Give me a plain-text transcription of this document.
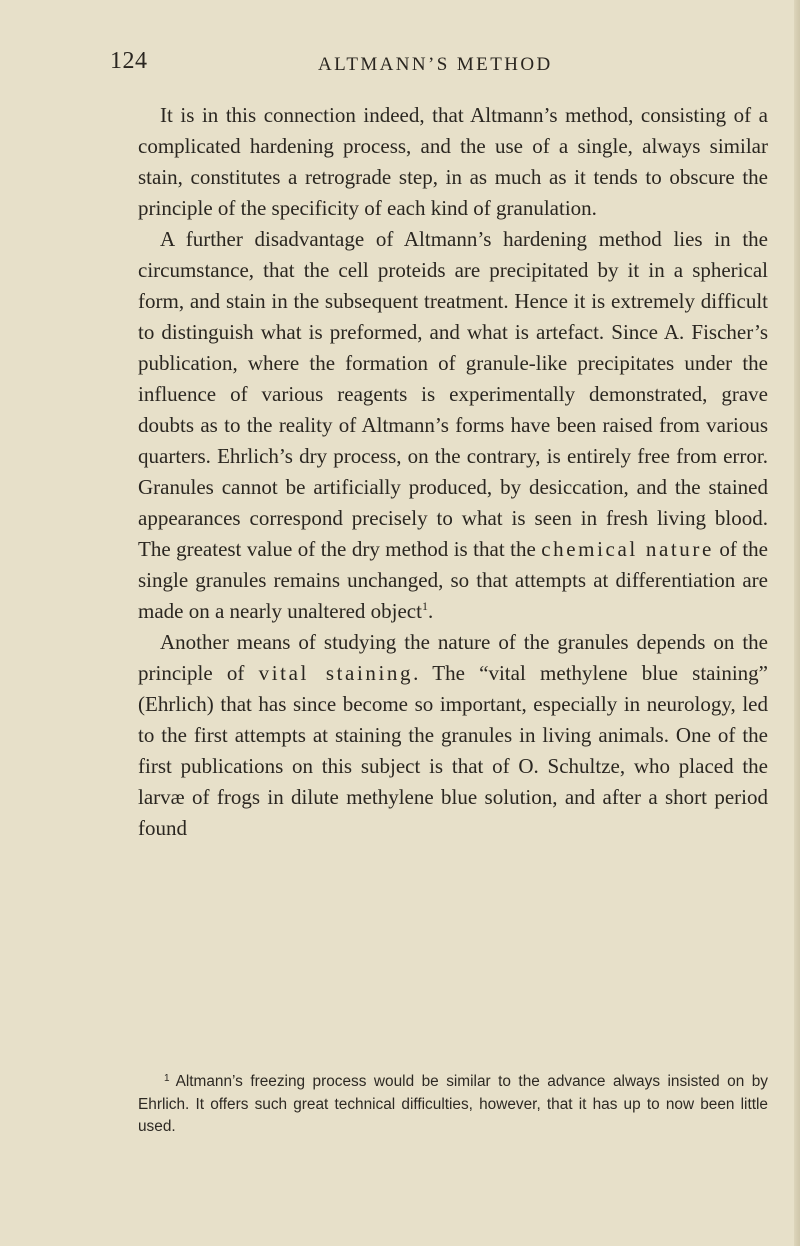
124	ALTMANN’S METHOD

It is in this connection indeed, that Altmann’s method, consisting of a complicated hardening process, and the use of a single, always similar stain, constitutes a retrograde step, in as much as it tends to obscure the principle of the specificity of each kind of granulation.

A further disadvantage of Altmann’s hardening method lies in the circumstance, that the cell proteids are precipitated by it in a spherical form, and stain in the subsequent treatment. Hence it is extremely difficult to distinguish what is preformed, and what is artefact. Since A. Fischer’s publication, where the formation of granule-like precipitates under the influence of various reagents is experimentally demonstrated, grave doubts as to the reality of Altmann’s forms have been raised from various quarters. Ehrlich’s dry process, on the contrary, is entirely free from error. Granules cannot be artificially produced, by desiccation, and the stained appearances correspond precisely to what is seen in fresh living blood. The greatest value of the dry method is that the chemical nature of the single granules remains unchanged, so that attempts at differentiation are made on a nearly unaltered object$^1$.

Another means of studying the nature of the granules depends on the principle of vital staining. The “vital methylene blue staining” (Ehrlich) that has since become so important, especially in neurology, led to the first attempts at staining the granules in living animals. One of the first publications on this subject is that of O. Schultze, who placed the larvæ of frogs in dilute methylene blue solution, and after a short period found

$^1$ Altmann’s freezing process would be similar to the advance always insisted on by Ehrlich. It offers such great technical difficulties, however, that it has up to now been little used.
